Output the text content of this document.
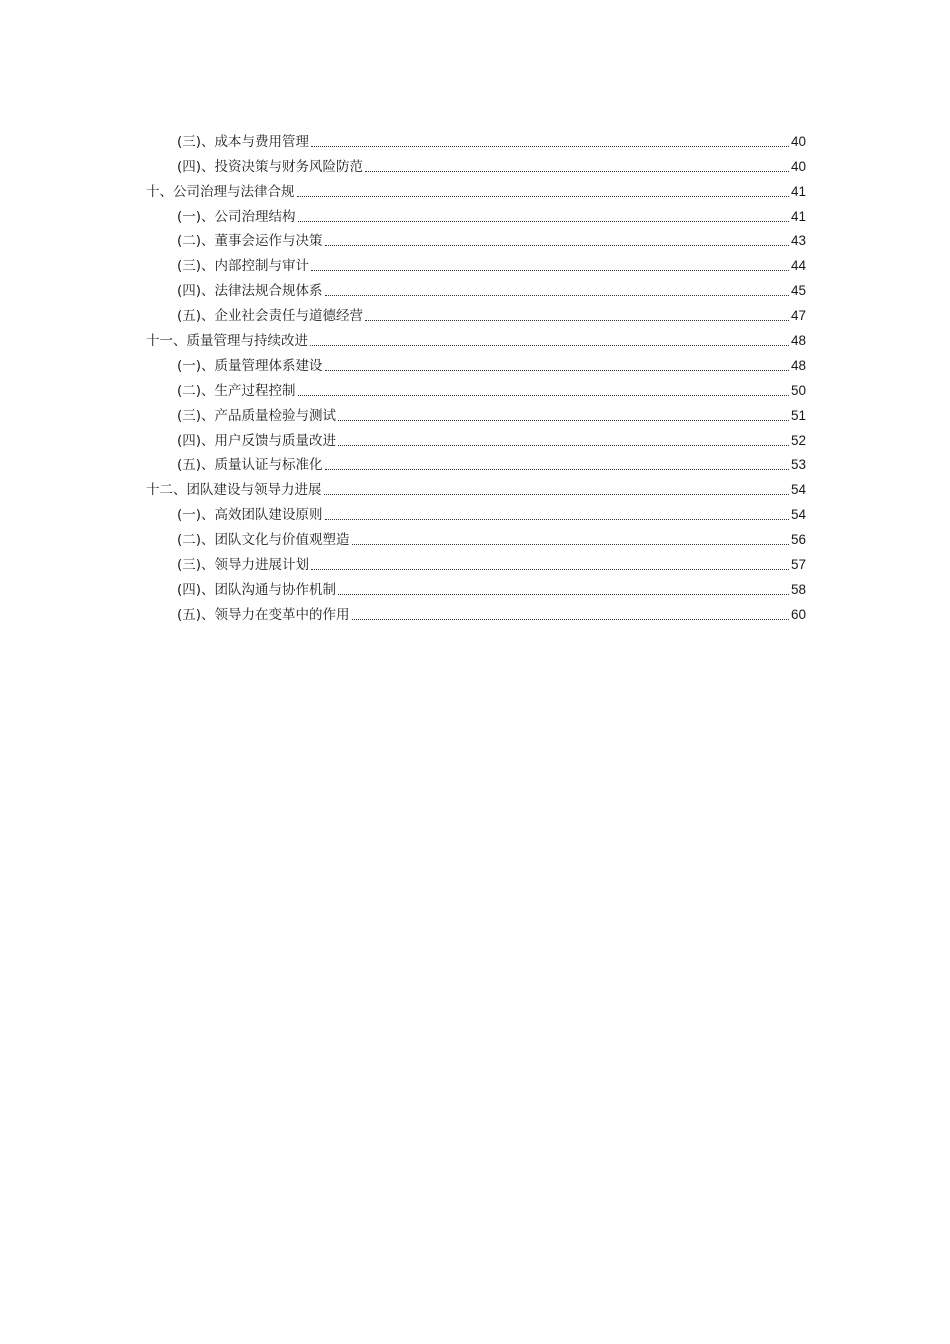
(三)、成本与费用管理	40
(四)、投资决策与财务风险防范	40
十、公司治理与法律合规	41
(一)、公司治理结构	41
(二)、董事会运作与决策	43
(三)、内部控制与审计	44
(四)、法律法规合规体系	45
(五)、企业社会责任与道德经营	47
十一、质量管理与持续改进	48
(一)、质量管理体系建设	48
(二)、生产过程控制	50
(三)、产品质量检验与测试	51
(四)、用户反馈与质量改进	52
(五)、质量认证与标准化	53
十二、团队建设与领导力进展	54
(一)、高效团队建设原则	54
(二)、团队文化与价值观塑造	56
(三)、领导力进展计划	57
(四)、团队沟通与协作机制	58
(五)、领导力在变革中的作用	60
